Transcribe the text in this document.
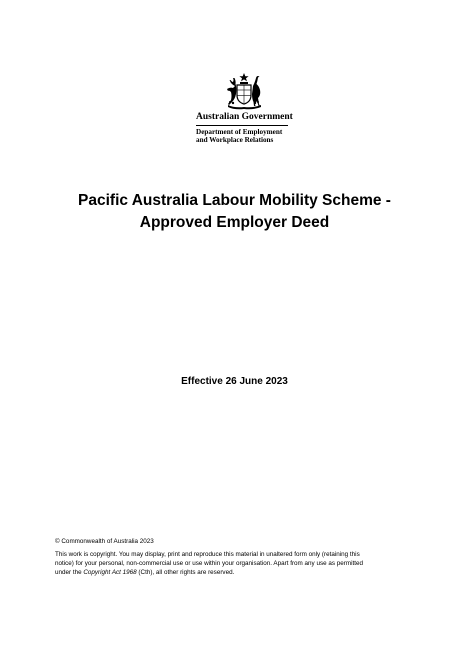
Australian Government
Department of Employment
and Workplace Relations
Pacific Australia Labour Mobility Scheme -
Approved Employer Deed
Effective 26 June 2023
© Commonwealth of Australia 2023
This work is copyright. You may display, print and reproduce this material in unaltered form only (retaining this
notice) for your personal, non-commercial use or use within your organisation. Apart from any use as permitted
under the Copyright Act 1968 (Cth), all other rights are reserved.
